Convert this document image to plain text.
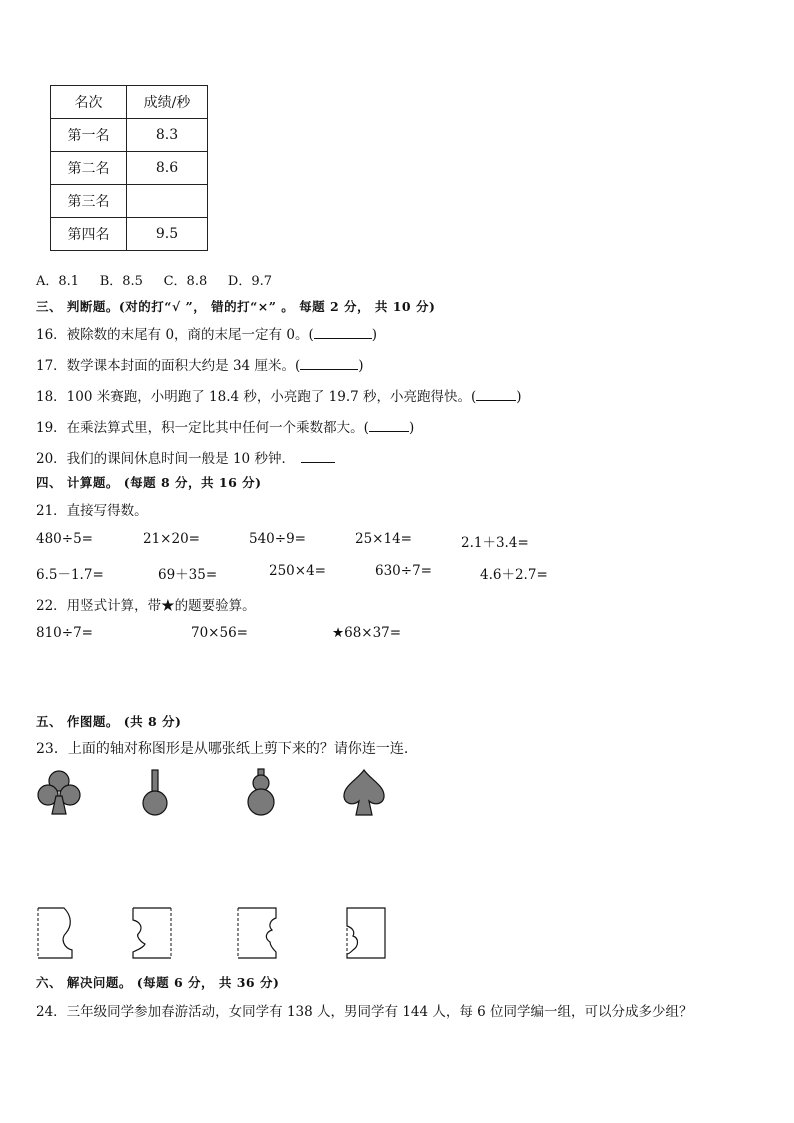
名次	成绩/秒
第一名	8.3
第二名	8.6
第三名	
第四名	9.5
A．8.1     B．8.5     C．8.8     D．9.7
三、 判断题。(对的打“√ ”， 错的打“×” 。 每题 2 分， 共 10 分)
16．被除数的末尾有 0，商的末尾一定有 0。(	)
17．数学课本封面的面积大约是 34 厘米。(	)
18．100 米赛跑，小明跑了 18.4 秒，小亮跑了 19.7 秒，小亮跑得快。(	)
19．在乘法算式里，积一定比其中任何一个乘数都大。(	)
20．我们的课间休息时间一般是 10 秒钟．
四、 计算题。 (每题 8 分，共 16 分)
21．直接写得数。
480÷5=	21×20=	540÷9=	25×14=	2.1＋3.4=
6.5－1.7=	69＋35=	250×4=	630÷7=	4.6＋2.7=
22．用竖式计算，带★的题要验算。
810÷7=	70×56=	★68×37=
五、 作图题。 (共 8 分)
23．上面的轴对称图形是从哪张纸上剪下来的？请你连一连.
六、 解决问题。 (每题 6 分， 共 36 分)
24．三年级同学参加春游活动，女同学有 138 人，男同学有 144 人，每 6 位同学编一组，可以分成多少组？
